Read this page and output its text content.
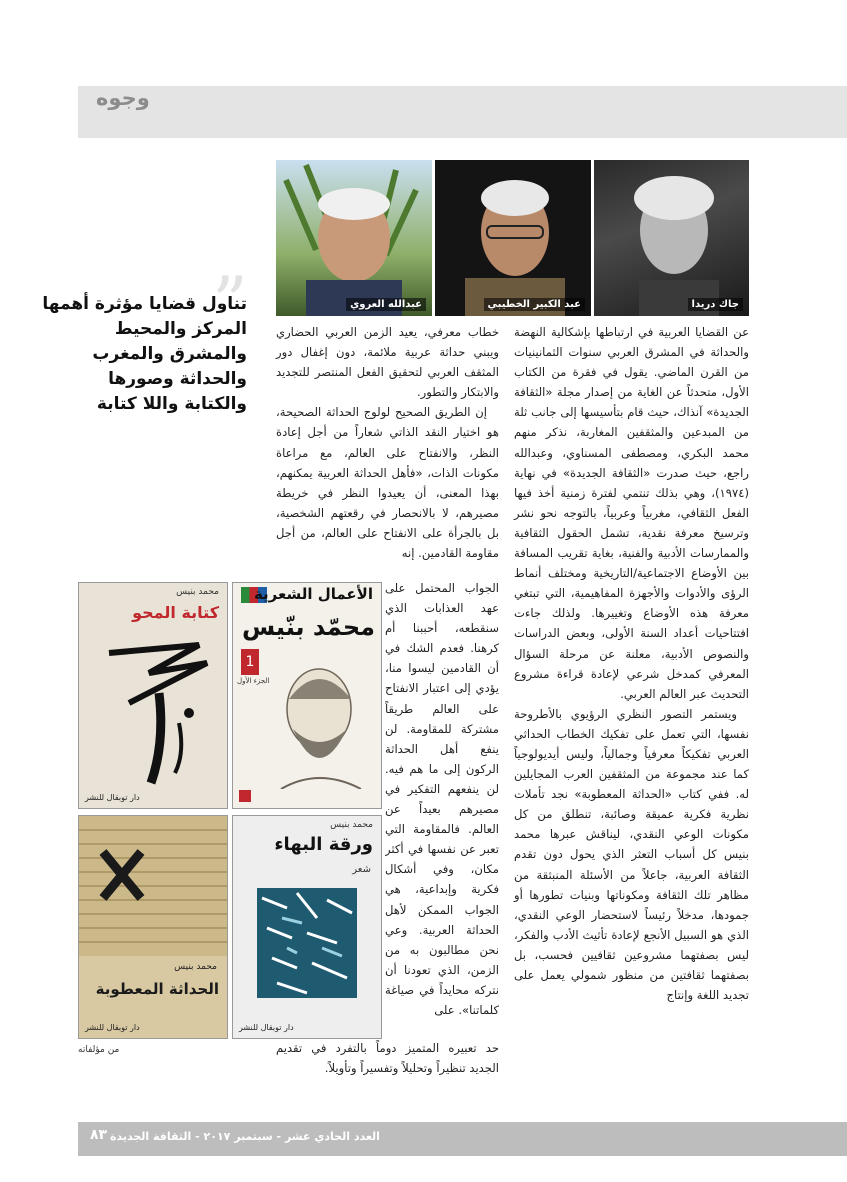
وجوه
جاك دريدا
عبد الكبير الخطيبي
عبدالله العروي
”
تناول قضايا مؤثرة أهمها المركز والمحيط والمشرق والمغرب والحداثة وصورها والكتابة واللا كتابة

عن القضايا العربية في ارتباطها بإشكالية النهضة والحداثة في المشرق العربي سنوات الثمانينيات من القرن الماضي. يقول في فقرة من الكتاب الأول، متحدثاً عن الغاية من إصدار مجلة «الثقافة الجديدة» آنذاك، حيث قام بتأسيسها إلى جانب ثلة من المبدعين والمثقفين المغاربة، نذكر منهم محمد البكري، ومصطفى المسناوي، وعبدالله راجع، حيث صدرت «الثقافة الجديدة» في نهاية (١٩٧٤)، وهي بذلك تنتمي لفترة زمنية أخذ فيها الفعل الثقافي، مغربياً وعربياً، بالتوجه نحو نشر وترسيخ معرفة نقدية، تشمل الحقول الثقافية والممارسات الأدبية والفنية، بغاية تقريب المسافة بين الأوضاع الاجتماعية/التاريخية ومختلف أنماط الرؤى والأدوات والأجهزة المفاهيمية، التي تبتغي معرفة هذه الأوضاع وتغييرها. ولذلك جاءت افتتاحيات أعداد السنة الأولى، وبعض الدراسات والنصوص الأدبية، معلنة عن مرحلة السؤال المعرفي كمدخل شرعي لإعادة قراءة مشروع التحديث عبر العالم العربي.

ويستمر التصور النظري الرؤيوي بالأطروحة نفسها، التي تعمل على تفكيك الخطاب الحداثي العربي تفكيكاً معرفياً وجمالياً، وليس أيديولوجياً كما عند مجموعة من المثقفين العرب المجايلين له. ففي كتاب «الحداثة المعطوبة» نجد تأملات نظرية فكرية عميقة وصائبة، تنطلق من كل مكونات الوعي النقدي، ليناقش عبرها محمد بنيس كل أسباب التعثر الذي يحول دون تقدم الثقافة العربية، جاعلاً من الأسئلة المنبثقة من مظاهر تلك الثقافة ومكوناتها وبنيات تطورها أو جمودها، مدخلاً رئيساً لاستحضار الوعي النقدي، الذي هو السبيل الأنجع لإعادة تأثيث الأدب والفكر، ليس بصفتهما مشروعين ثقافيين فحسب، بل بصفتهما ثقافتين من منظور شمولي يعمل على تجديد اللغة وإنتاج

خطاب معرفي، يعيد الزمن العربي الحضاري ويبني حداثة عربية ملائمة، دون إغفال دور المثقف العربي لتحقيق الفعل المنتصر للتجديد والابتكار والتطور.

إن الطريق الصحيح لولوج الحداثة الصحيحة، هو اختيار النقد الذاتي شعاراً من أجل إعادة النظر، والانفتاح على العالم، مع مراعاة مكونات الذات، «فأهل الحداثة العربية يمكنهم، بهذا المعنى، أن يعيدوا النظر في خريطة مصيرهم، لا بالانحصار في رقعتهم الشخصية، بل بالجرأة على الانفتاح على العالم، من أجل مقاومة القادمين. إنه

الجواب المحتمل على عهد العذابات الذي سنقطعه، أحببنا أم كرهنا. فعدم الشك في أن القادمين ليسوا منا، يؤدي إلى اعتبار الانفتاح على العالم طريقاً مشتركة للمقاومة. لن ينفع أهل الحداثة الركون إلى ما هم فيه. لن ينفعهم التفكير في مصيرهم بعيداً عن العالم. فالمقاومة التي تعبر عن نفسها في أكثر مكان، وفي أشكال فكرية وإبداعية، هي الجواب الممكن لأهل الحداثة العربية. وعي نحن مطالبون به من الزمن، الذي تعودنا أن نتركه محايداً في صياغة كلماتنا». على

حد تعبيره المتميز دوماً بالتفرد في تقديم الجديد تنظيراً وتحليلاً وتفسيراً وتأويلاً.

الأعمال الشعرية
محمّد بنّيس
1
الجزء الأول
محمد بنيس
كتابة المحو
دار توبقال للنشر
محمد بنيس
ورقة البهاء
شعر
دار توبقال للنشر
محمد بنيس
الحداثة المعطوبة
دار توبقال للنشر
من مؤلفاته
العدد الحادي عشر - سبتمبر ٢٠١٧ - الثقافة الجديدة
٨٣
